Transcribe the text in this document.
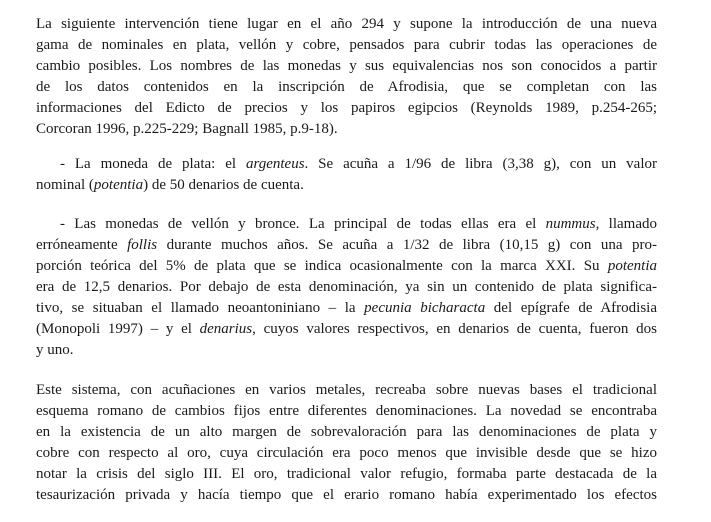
La siguiente intervención tiene lugar en el año 294 y supone la introducción de una nueva
gama de nominales en plata, vellón y cobre, pensados para cubrir todas las operaciones de
cambio posibles. Los nombres de las monedas y sus equivalencias nos son conocidos a partir
de los datos contenidos en la inscripción de Afrodisia, que se completan con las
informaciones del Edicto de precios y los papiros egipcios (Reynolds 1989, p.254-265;
Corcoran 1996, p.225-229; Bagnall 1985, p.9-18).

- La moneda de plata: el argenteus. Se acuña a 1/96 de libra (3,38 g), con un valor
nominal (potentia) de 50 denarios de cuenta.

- Las monedas de vellón y bronce. La principal de todas ellas era el nummus, llamado
erróneamente follis durante muchos años. Se acuña a 1/32 de libra (10,15 g) con una pro-
porción teórica del 5% de plata que se indica ocasionalmente con la marca XXI. Su potentia
era de 12,5 denarios. Por debajo de esta denominación, ya sin un contenido de plata significa-
tivo, se situaban el llamado neoantoniniano – la pecunia bicharacta del epígrafe de Afrodisia
(Monopoli 1997) – y el denarius, cuyos valores respectivos, en denarios de cuenta, fueron dos
y uno.

Este sistema, con acuñaciones en varios metales, recreaba sobre nuevas bases el tradicional
esquema romano de cambios fijos entre diferentes denominaciones. La novedad se encontraba
en la existencia de un alto margen de sobrevaloración para las denominaciones de plata y
cobre con respecto al oro, cuya circulación era poco menos que invisible desde que se hizo
notar la crisis del siglo III. El oro, tradicional valor refugio, formaba parte destacada de la
tesaurización privada y hacía tiempo que el erario romano había experimentado los efectos
